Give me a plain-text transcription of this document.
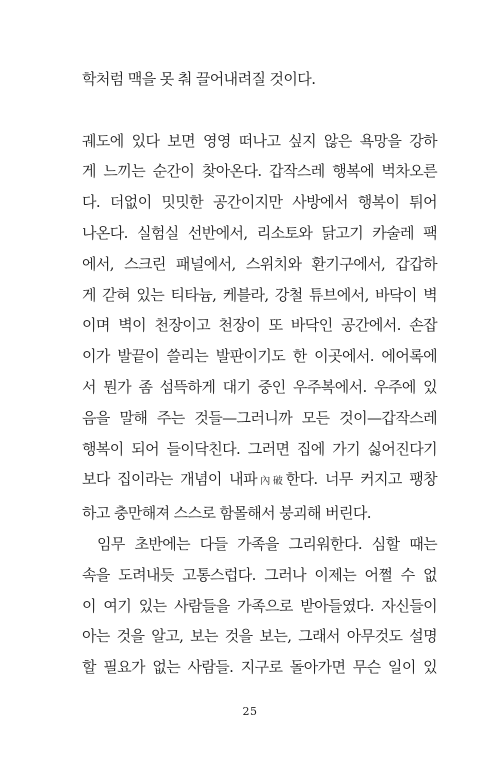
학처럼 맥을 못 춰 끌어내려질 것이다.
궤도에 있다 보면 영영 떠나고 싶지 않은 욕망을 강하
게 느끼는 순간이 찾아온다. 갑작스레 행복에 벅차오른
다. 더없이 밋밋한 공간이지만 사방에서 행복이 튀어
나온다. 실험실 선반에서, 리소토와 닭고기 카술레 팩
에서, 스크린 패널에서, 스위치와 환기구에서, 갑갑하
게 갇혀 있는 티타늄, 케블라, 강철 튜브에서, 바닥이 벽
이며 벽이 천장이고 천장이 또 바닥인 공간에서. 손잡
이가 발끝이 쓸리는 발판이기도 한 이곳에서. 에어록에
서 뭔가 좀 섬뜩하게 대기 중인 우주복에서. 우주에 있
음을 말해 주는 것들—그러니까 모든 것이—갑작스레
행복이 되어 들이닥친다. 그러면 집에 가기 싫어진다기
보다 집이라는 개념이 내파內破한다. 너무 커지고 팽창
하고 충만해져 스스로 함몰해서 붕괴해 버린다.
임무 초반에는 다들 가족을 그리워한다. 심할 때는
속을 도려내듯 고통스럽다. 그러나 이제는 어쩔 수 없
이 여기 있는 사람들을 가족으로 받아들였다. 자신들이
아는 것을 알고, 보는 것을 보는, 그래서 아무것도 설명
할 필요가 없는 사람들. 지구로 돌아가면 무슨 일이 있
25
